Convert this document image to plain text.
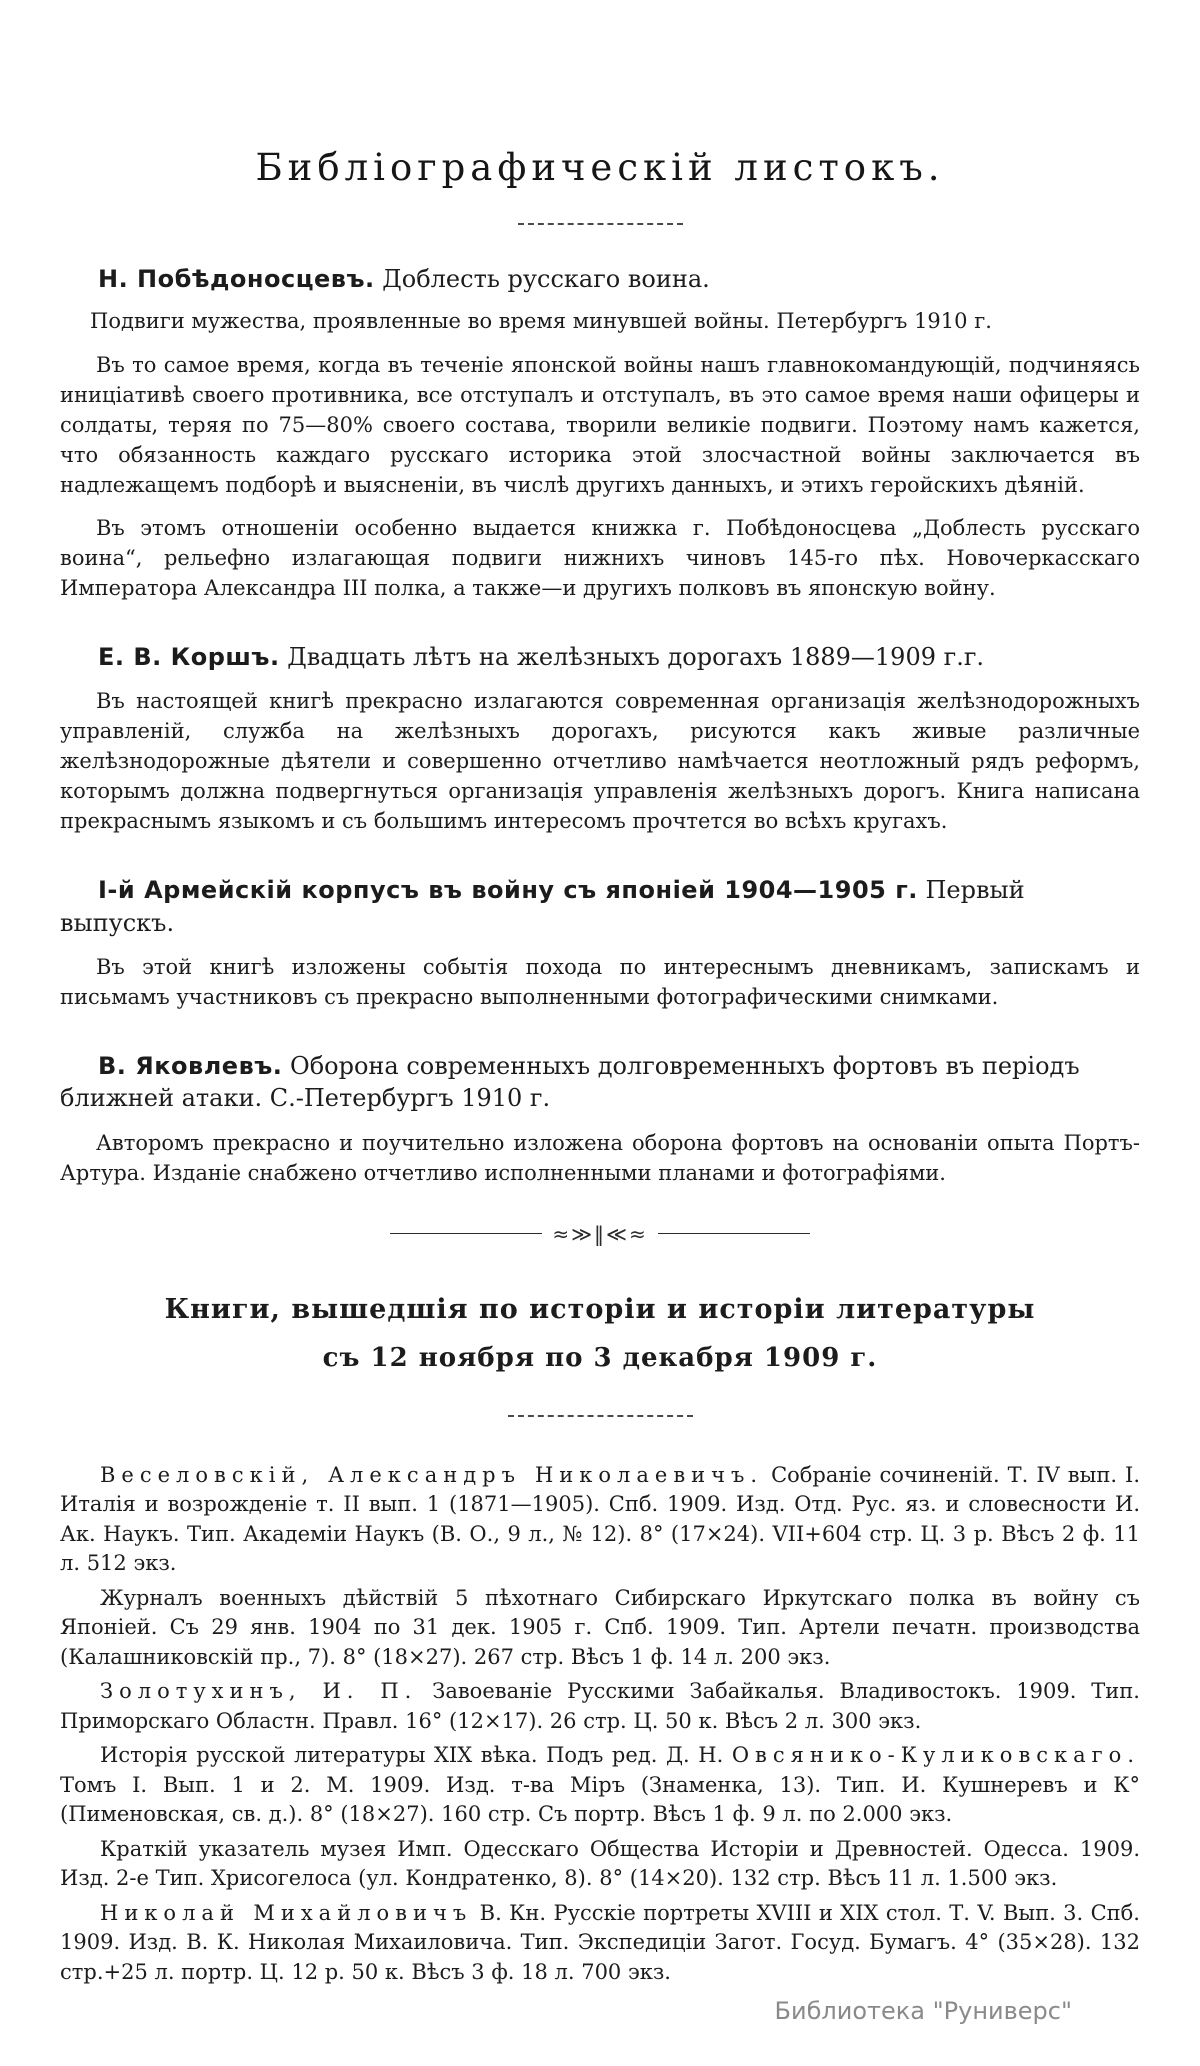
Библіографическій листокъ.

Н. Побѣдоносцевъ. Доблесть русскаго воина.

Подвиги мужества, проявленные во время минувшей войны. Петербургъ 1910 г.

Въ то самое время, когда въ теченіе японской войны нашъ главнокомандующій, подчиняясь иниціативѣ своего противника, все отступалъ и отступалъ, въ это самое время наши офицеры и солдаты, теряя по 75—80% своего состава, творили великіе подвиги. Поэтому намъ кажется, что обязанность каждаго русскаго историка этой злосчастной войны заключается въ надлежащемъ подборѣ и выясненіи, въ числѣ другихъ данныхъ, и этихъ геройскихъ дѣяній.

Въ этомъ отношеніи особенно выдается книжка г. Побѣдоносцева „Доблесть русскаго воина“, рельефно излагающая подвиги нижнихъ чиновъ 145-го пѣх. Новочеркасскаго Императора Александра III полка, а также—и другихъ полковъ въ японскую войну.

Е. В. Коршъ. Двадцать лѣтъ на желѣзныхъ дорогахъ 1889—1909 г.г.

Въ настоящей книгѣ прекрасно излагаются современная организація желѣзнодорожныхъ управленій, служба на желѣзныхъ дорогахъ, рисуются какъ живые различные желѣзнодорожные дѣятели и совершенно отчетливо намѣчается неотложный рядъ реформъ, которымъ должна подвергнуться организація управленія желѣзныхъ дорогъ. Книга написана прекраснымъ языкомъ и съ большимъ интересомъ прочтется во всѣхъ кругахъ.

І-й Армейскій корпусъ въ войну съ японіей 1904—1905 г. Первый выпускъ.

Въ этой книгѣ изложены событія похода по интереснымъ дневникамъ, запискамъ и письмамъ участниковъ съ прекрасно выполненными фотографическими снимками.

В. Яковлевъ. Оборона современныхъ долговременныхъ фортовъ въ періодъ ближней атаки. С.-Петербургъ 1910 г.

Авторомъ прекрасно и поучительно изложена оборона фортовъ на основаніи опыта Портъ-Артура. Изданіе снабжено отчетливо исполненными планами и фотографіями.

≈≫‖≪≈
Книги, вышедшія по исторіи и исторіи литературы
съ 12 ноября по 3 декабря 1909 г.

Веселовскій, Александръ Николаевичъ. Собраніе сочиненій. Т. IV вып. I. Италія и возрожденіе т. II вып. 1 (1871—1905). Спб. 1909. Изд. Отд. Рус. яз. и словесности И. Ак. Наукъ. Тип. Академіи Наукъ (В. О., 9 л., № 12). 8° (17×24). VII+604 стр. Ц. 3 р. Вѣсъ 2 ф. 11 л. 512 экз.

Журналъ военныхъ дѣйствій 5 пѣхотнаго Сибирскаго Иркутскаго полка въ войну съ Японіей. Съ 29 янв. 1904 по 31 дек. 1905 г. Спб. 1909. Тип. Артели печатн. производства (Калашниковскій пр., 7). 8° (18×27). 267 стр. Вѣсъ 1 ф. 14 л. 200 экз.

Золотухинъ, И. П. Завоеваніе Русскими Забайкалья. Владивостокъ. 1909. Тип. Приморскаго Областн. Правл. 16° (12×17). 26 стр. Ц. 50 к. Вѣсъ 2 л. 300 экз.

Исторія русской литературы XIX вѣка. Подъ ред. Д. Н. Овсянико-Куликовскаго. Томъ I. Вып. 1 и 2. М. 1909. Изд. т-ва Міръ (Знаменка, 13). Тип. И. Кушнеревъ и К° (Пименовская, св. д.). 8° (18×27). 160 стр. Съ портр. Вѣсъ 1 ф. 9 л. по 2.000 экз.

Краткій указатель музея Имп. Одесскаго Общества Исторіи и Древностей. Одесса. 1909. Изд. 2-е Тип. Хрисогелоса (ул. Кондратенко, 8). 8° (14×20). 132 стр. Вѣсъ 11 л. 1.500 экз.

Николай Михайловичъ В. Кн. Русскіе портреты XVIII и XIX стол. Т. V. Вып. 3. Спб. 1909. Изд. В. К. Николая Михаиловича. Тип. Экспедиціи Загот. Госуд. Бумагъ. 4° (35×28). 132 стр.+25 л. портр. Ц. 12 р. 50 к. Вѣсъ 3 ф. 18 л. 700 экз.

Библиотека "Руниверс"
